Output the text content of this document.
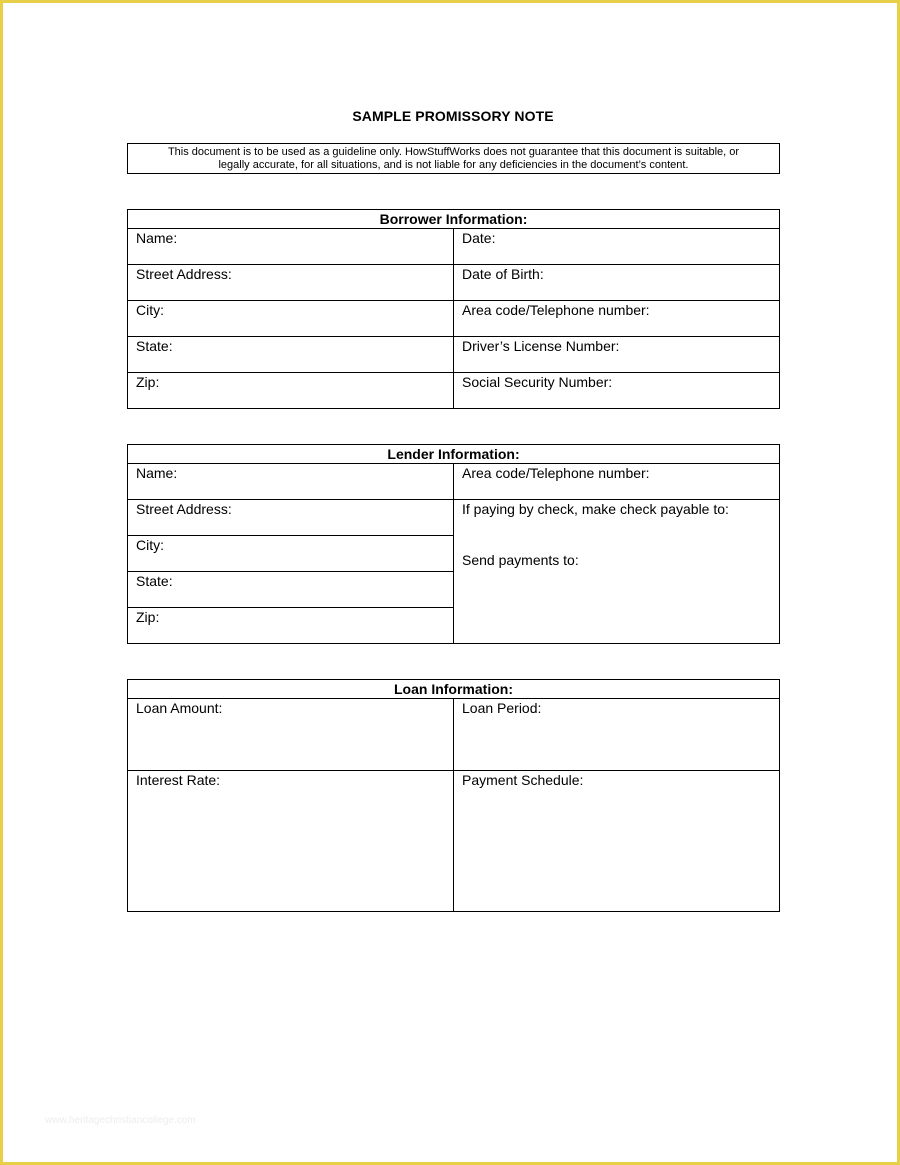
SAMPLE PROMISSORY NOTE
This document is to be used as a guideline only. HowStuffWorks does not guarantee that this document is suitable, or
legally accurate, for all situations, and is not liable for any deficiencies in the document’s content.
Borrower Information:	
Name:	Date:
Street Address:	Date of Birth:
City:	Area code/Telephone number:
State:	Driver’s License Number:
Zip:	Social Security Number:
Lender Information:	
Name:	Area code/Telephone number:
Street Address:	If paying by check, make check payable to:
Send payments to:

City:	
State:	
Zip:	
Loan Information:	
Loan Amount:	Loan Period:
Interest Rate:	Payment Schedule:
www.heritagechristiancollege.com
